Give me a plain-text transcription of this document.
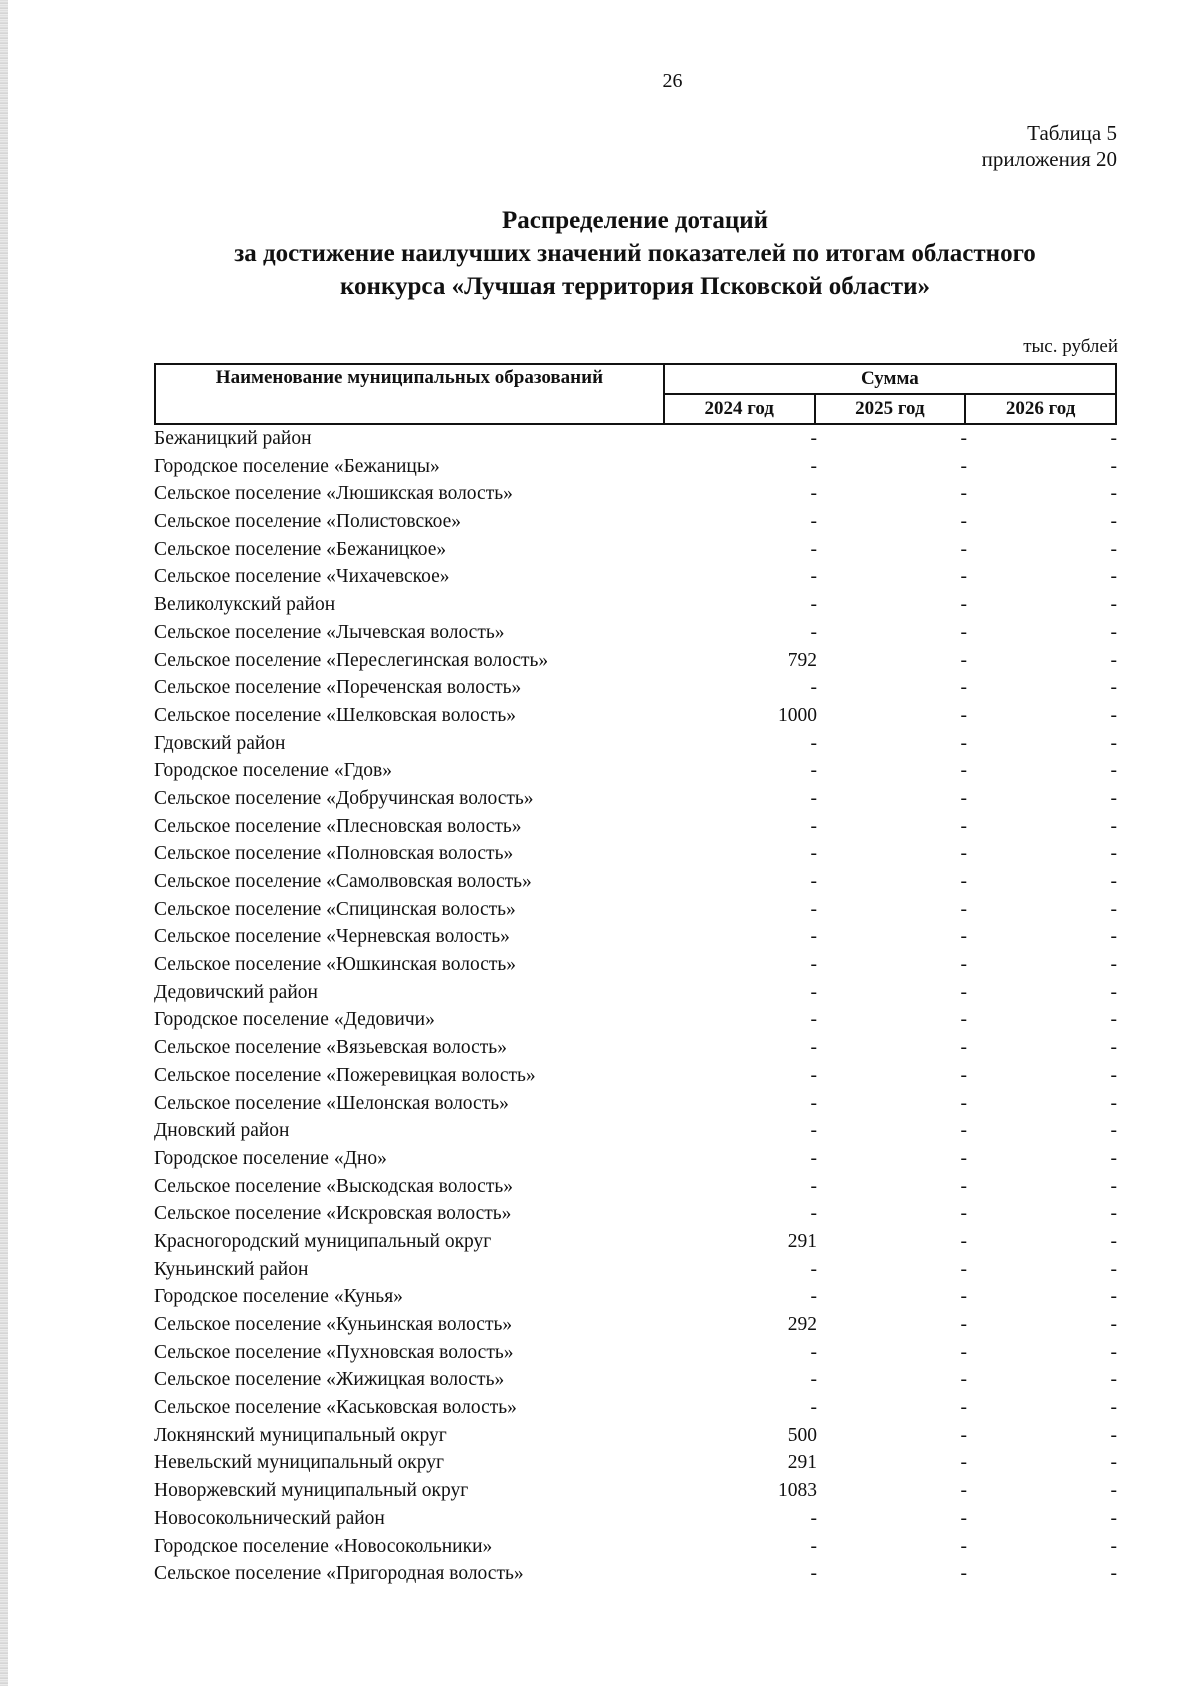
26
Таблица 5
приложения 20
Распределение дотаций
за достижение наилучших значений показателей по итогам областного
конкурса «Лучшая территория Псковской области»
тыс. рублей
Наименование муниципальных образований	Сумма		
	2024 год	2025 год	2026 год
Бежаницкий район	-	-	-
Городское поселение «Бежаницы»	-	-	-
Сельское поселение «Люшикская волость»	-	-	-
Сельское поселение «Полистовское»	-	-	-
Сельское поселение «Бежаницкое»	-	-	-
Сельское поселение «Чихачевское»	-	-	-
Великолукский район	-	-	-
Сельское поселение «Лычевская волость»	-	-	-
Сельское поселение «Переслегинская волость»	792	-	-
Сельское поселение «Пореченская волость»	-	-	-
Сельское поселение «Шелковская волость»	1000	-	-
Гдовский район	-	-	-
Городское поселение «Гдов»	-	-	-
Сельское поселение «Добручинская волость»	-	-	-
Сельское поселение «Плесновская волость»	-	-	-
Сельское поселение «Полновская волость»	-	-	-
Сельское поселение «Самолвовская волость»	-	-	-
Сельское поселение «Спицинская волость»	-	-	-
Сельское поселение «Черневская волость»	-	-	-
Сельское поселение «Юшкинская волость»	-	-	-
Дедовичский район	-	-	-
Городское поселение «Дедовичи»	-	-	-
Сельское поселение «Вязьевская волость»	-	-	-
Сельское поселение «Пожеревицкая волость»	-	-	-
Сельское поселение «Шелонская волость»	-	-	-
Дновский район	-	-	-
Городское поселение «Дно»	-	-	-
Сельское поселение «Выскодская волость»	-	-	-
Сельское поселение «Искровская волость»	-	-	-
Красногородский муниципальный округ	291	-	-
Куньинский район	-	-	-
Городское поселение «Кунья»	-	-	-
Сельское поселение «Куньинская волость»	292	-	-
Сельское поселение «Пухновская волость»	-	-	-
Сельское поселение «Жижицкая волость»	-	-	-
Сельское поселение «Каськовская волость»	-	-	-
Локнянский муниципальный округ	500	-	-
Невельский муниципальный округ	291	-	-
Новоржевский муниципальный округ	1083	-	-
Новосокольнический район	-	-	-
Городское поселение «Новосокольники»	-	-	-
Сельское поселение «Пригородная волость»	-	-	-
